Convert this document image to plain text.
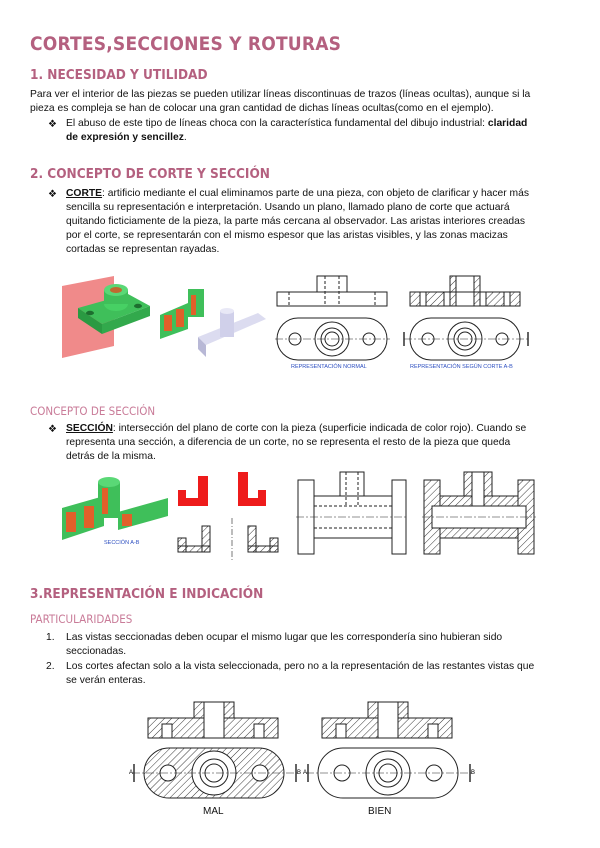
CORTES,SECCIONES Y ROTURAS
1. NECESIDAD Y UTILIDAD
Para ver el interior de las piezas se pueden utilizar líneas discontinuas de trazos (líneas ocultas), aunque si la
pieza es compleja se han de colocar una gran cantidad de dichas líneas ocultas(como en el ejemplo).
❖ El abuso de este tipo de líneas choca con la característica fundamental del dibujo industrial: claridad
de expresión y sencillez.
2. CONCEPTO DE CORTE Y SECCIÓN
❖ CORTE: artificio mediante el cual eliminamos parte de una pieza, con objeto de clarificar y hacer más
sencilla su representación e interpretación. Usando un plano, llamado plano de corte que actuará
quitando ficticiamente de la pieza, la parte más cercana al observador. Las aristas interiores creadas
por el corte, se representarán con el mismo espesor que las aristas visibles, y las zonas macizas
cortadas se representan rayadas.
REPRESENTACIÓN NORMAL	REPRESENTACIÓN SEGÚN CORTE A-B
CONCEPTO DE SECCIÓN
❖ SECCIÓN: intersección del plano de corte con la pieza (superficie indicada de color rojo). Cuando se
representa una sección, a diferencia de un corte, no se representa el resto de la pieza que queda
detrás de la misma.
SECCIÓN A-B
3.REPRESENTACIÓN E INDICACIÓN
PARTICULARIDADES
1. Las vistas seccionadas deben ocupar el mismo lugar que les correspondería sino hubieran sido
seccionadas.
2. Los cortes afectan solo a la vista seleccionada, pero no a la representación de las restantes vistas que
se verán enteras.
A	B
MAL
A	B
BIEN
